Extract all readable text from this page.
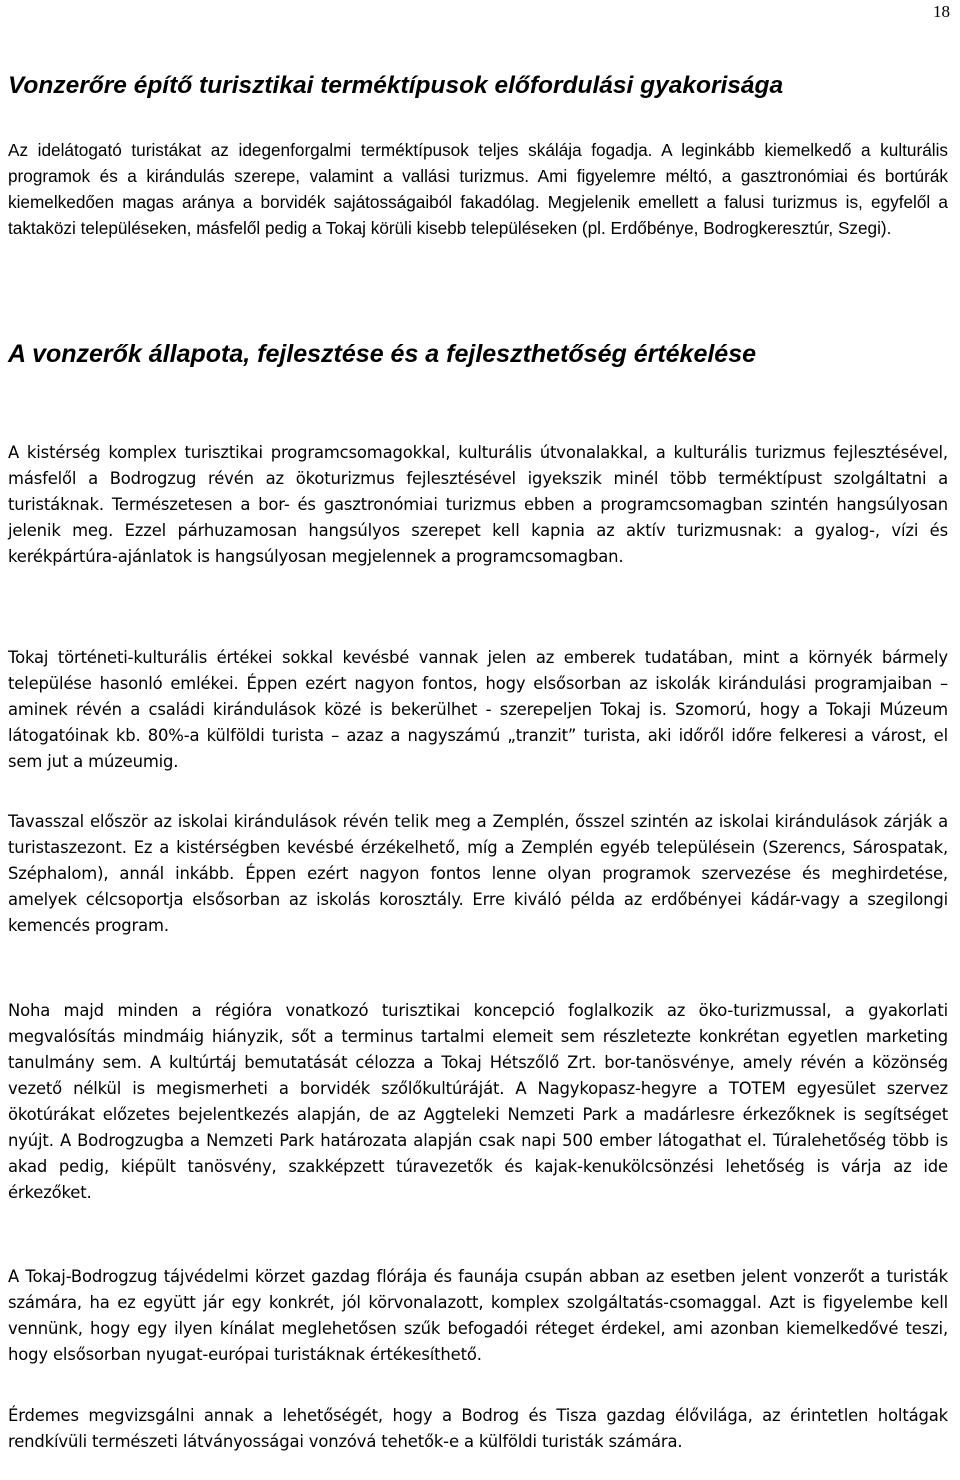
18
Vonzerőre építő turisztikai terméktípusok előfordulási gyakorisága

Az idelátogató turistákat az idegenforgalmi terméktípusok teljes skálája fogadja. A leginkább kiemelkedő a kulturális programok és a kirándulás szerepe, valamint a vallási turizmus. Ami figyelemre méltó, a gasztronómiai és bortúrák kiemelkedően magas aránya a borvidék sajátosságaiból fakadólag. Megjelenik emellett a falusi turizmus is, egyfelől a taktaközi településeken, másfelől pedig a Tokaj körüli kisebb településeken (pl. Erdőbénye, Bodrogkeresztúr, Szegi).

A vonzerők állapota, fejlesztése és a fejleszthetőség értékelése

A kistérség komplex turisztikai programcsomagokkal, kulturális útvonalakkal, a kulturális turizmus fejlesztésével, másfelől a Bodrogzug révén az ökoturizmus fejlesztésével igyekszik minél több terméktípust szolgáltatni a turistáknak. Természetesen a bor- és gasztronómiai turizmus ebben a programcsomagban szintén hangsúlyosan jelenik meg. Ezzel párhuzamosan hangsúlyos szerepet kell kapnia az aktív turizmusnak: a gyalog-, vízi és kerékpártúra-ajánlatok is hangsúlyosan megjelennek a programcsomagban.

Tokaj történeti-kulturális értékei sokkal kevésbé vannak jelen az emberek tudatában, mint a környék bármely települése hasonló emlékei. Éppen ezért nagyon fontos, hogy elsősorban az iskolák kirándulási programjaiban – aminek révén a családi kirándulások közé is bekerülhet - szerepeljen Tokaj is. Szomorú, hogy a Tokaji Múzeum látogatóinak kb. 80%-a külföldi turista – azaz a nagyszámú „tranzit” turista, aki időről időre felkeresi a várost, el sem jut a múzeumig.

Tavasszal először az iskolai kirándulások révén telik meg a Zemplén, ősszel szintén az iskolai kirándulások zárják a turistaszezont. Ez a kistérségben kevésbé érzékelhető, míg a Zemplén egyéb településein (Szerencs, Sárospatak, Széphalom), annál inkább. Éppen ezért nagyon fontos lenne olyan programok szervezése és meghirdetése, amelyek célcsoportja elsősorban az iskolás korosztály. Erre kiváló példa az erdőbényei kádár-vagy a szegilongi kemencés program.

Noha majd minden a régióra vonatkozó turisztikai koncepció foglalkozik az öko-turizmussal, a gyakorlati megvalósítás mindmáig hiányzik, sőt a terminus tartalmi elemeit sem részletezte konkrétan egyetlen marketing tanulmány sem. A kultúrtáj bemutatását célozza a Tokaj Hétszőlő Zrt. bor-tanösvénye, amely révén a közönség vezető nélkül is megismerheti a borvidék szőlőkultúráját. A Nagykopasz-hegyre a TOTEM egyesület szervez ökotúrákat előzetes bejelentkezés alapján, de az Aggteleki Nemzeti Park a madárlesre érkezőknek is segítséget nyújt. A Bodrogzugba a Nemzeti Park határozata alapján csak napi 500 ember látogathat el. Túralehetőség több is akad pedig, kiépült tanösvény, szakképzett túravezetők és kajak-kenukölcsönzési lehetőség is várja az ide érkezőket.

A Tokaj-Bodrogzug tájvédelmi körzet gazdag flórája és faunája csupán abban az esetben jelent vonzerőt a turisták számára, ha ez együtt jár egy konkrét, jól körvonalazott, komplex szolgáltatás-csomaggal. Azt is figyelembe kell vennünk, hogy egy ilyen kínálat meglehetősen szűk befogadói réteget érdekel, ami azonban kiemelkedővé teszi, hogy elsősorban nyugat-európai turistáknak értékesíthető.

Érdemes megvizsgálni annak a lehetőségét, hogy a Bodrog és Tisza gazdag élővilága, az érintetlen holtágak rendkívüli természeti látványosságai vonzóvá tehetők-e a külföldi turisták számára.
